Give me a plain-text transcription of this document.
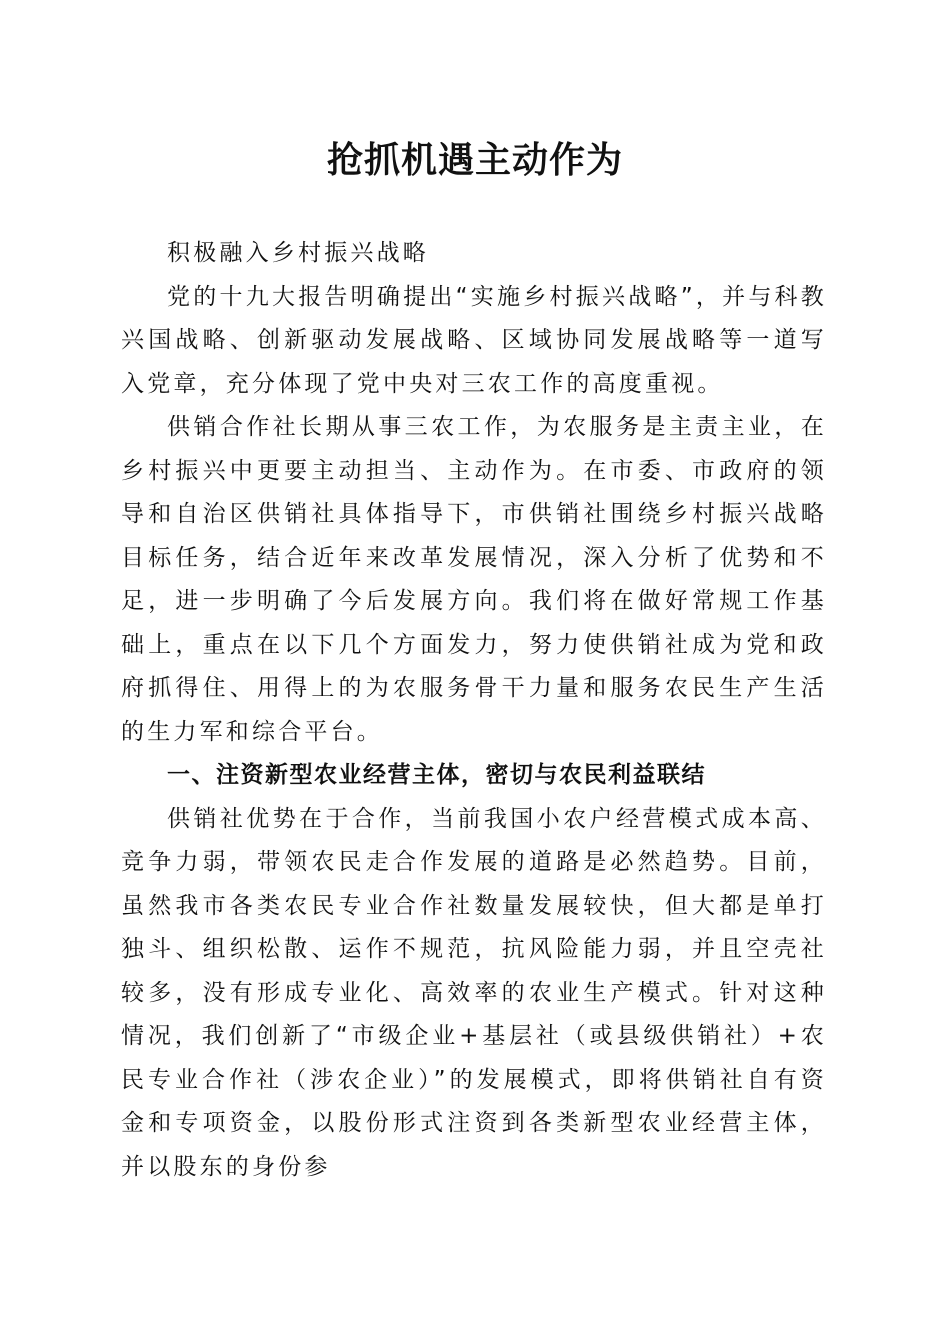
抢抓机遇主动作为

积极融入乡村振兴战略

党的十九大报告明确提出“实施乡村振兴战略”，并与科教兴国战略、创新驱动发展战略、区域协同发展战略等一道写入党章，充分体现了党中央对三农工作的高度重视。

供销合作社长期从事三农工作，为农服务是主责主业，在乡村振兴中更要主动担当、主动作为。在市委、市政府的领导和自治区供销社具体指导下，市供销社围绕乡村振兴战略目标任务，结合近年来改革发展情况，深入分析了优势和不足，进一步明确了今后发展方向。我们将在做好常规工作基础上，重点在以下几个方面发力，努力使供销社成为党和政府抓得住、用得上的为农服务骨干力量和服务农民生产生活的生力军和综合平台。

一、注资新型农业经营主体，密切与农民利益联结

供销社优势在于合作，当前我国小农户经营模式成本高、竞争力弱，带领农民走合作发展的道路是必然趋势。目前，虽然我市各类农民专业合作社数量发展较快，但大都是单打独斗、组织松散、运作不规范，抗风险能力弱，并且空壳社较多，没有形成专业化、高效率的农业生产模式。针对这种情况，我们创新了“市级企业+基层社（或县级供销社）+农民专业合作社（涉农企业）”的发展模式，即将供销社自有资金和专项资金，以股份形式注资到各类新型农业经营主体，并以股东的身份参
